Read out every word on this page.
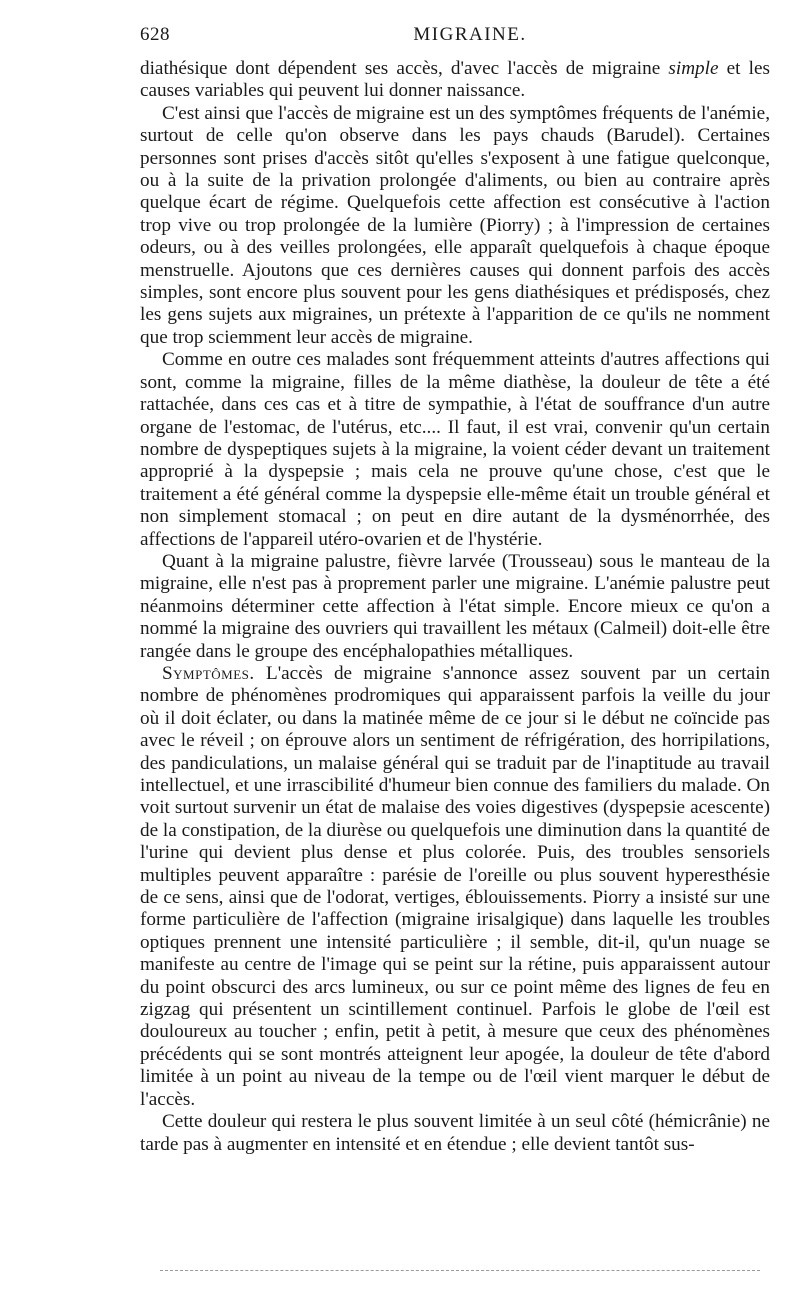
628	MIGRAINE.

diathésique dont dépendent ses accès, d'avec l'accès de migraine simple et les causes variables qui peuvent lui donner naissance.

C'est ainsi que l'accès de migraine est un des symptômes fréquents de l'anémie, surtout de celle qu'on observe dans les pays chauds (Barudel). Certaines personnes sont prises d'accès sitôt qu'elles s'exposent à une fatigue quelconque, ou à la suite de la privation prolongée d'aliments, ou bien au contraire après quelque écart de régime. Quelquefois cette affection est consécutive à l'action trop vive ou trop prolongée de la lumière (Piorry) ; à l'impression de certaines odeurs, ou à des veilles prolongées, elle apparaît quelquefois à chaque époque menstruelle. Ajoutons que ces dernières causes qui donnent parfois des accès simples, sont encore plus souvent pour les gens diathésiques et prédisposés, chez les gens sujets aux migraines, un prétexte à l'apparition de ce qu'ils ne nomment que trop sciemment leur accès de migraine.

Comme en outre ces malades sont fréquemment atteints d'autres affections qui sont, comme la migraine, filles de la même diathèse, la douleur de tête a été rattachée, dans ces cas et à titre de sympathie, à l'état de souffrance d'un autre organe de l'estomac, de l'utérus, etc.... Il faut, il est vrai, convenir qu'un certain nombre de dyspeptiques sujets à la migraine, la voient céder devant un traitement approprié à la dyspepsie ; mais cela ne prouve qu'une chose, c'est que le traitement a été général comme la dyspepsie elle-même était un trouble général et non simplement stomacal ; on peut en dire autant de la dysménorrhée, des affections de l'appareil utéro-ovarien et de l'hystérie.

Quant à la migraine palustre, fièvre larvée (Trousseau) sous le manteau de la migraine, elle n'est pas à proprement parler une migraine. L'anémie palustre peut néanmoins déterminer cette affection à l'état simple. Encore mieux ce qu'on a nommé la migraine des ouvriers qui travaillent les métaux (Calmeil) doit-elle être rangée dans le groupe des encéphalopathies métalliques.

Symptômes. L'accès de migraine s'annonce assez souvent par un certain nombre de phénomènes prodromiques qui apparaissent parfois la veille du jour où il doit éclater, ou dans la matinée même de ce jour si le début ne coïncide pas avec le réveil ; on éprouve alors un sentiment de réfrigération, des horripilations, des pandiculations, un malaise général qui se traduit par de l'inaptitude au travail intellectuel, et une irrascibilité d'humeur bien connue des familiers du malade. On voit surtout survenir un état de malaise des voies digestives (dyspepsie acescente) de la constipation, de la diurèse ou quelquefois une diminution dans la quantité de l'urine qui devient plus dense et plus colorée. Puis, des troubles sensoriels multiples peuvent apparaître : parésie de l'oreille ou plus souvent hyperesthésie de ce sens, ainsi que de l'odorat, vertiges, éblouissements. Piorry a insisté sur une forme particulière de l'affection (migraine irisalgique) dans laquelle les troubles optiques prennent une intensité particulière ; il semble, dit-il, qu'un nuage se manifeste au centre de l'image qui se peint sur la rétine, puis apparaissent autour du point obscurci des arcs lumineux, ou sur ce point même des lignes de feu en zigzag qui présentent un scintillement continuel. Parfois le globe de l'œil est douloureux au toucher ; enfin, petit à petit, à mesure que ceux des phénomènes précédents qui se sont montrés atteignent leur apogée, la douleur de tête d'abord limitée à un point au niveau de la tempe ou de l'œil vient marquer le début de l'accès.

Cette douleur qui restera le plus souvent limitée à un seul côté (hémicrânie) ne tarde pas à augmenter en intensité et en étendue ; elle devient tantôt sus-
